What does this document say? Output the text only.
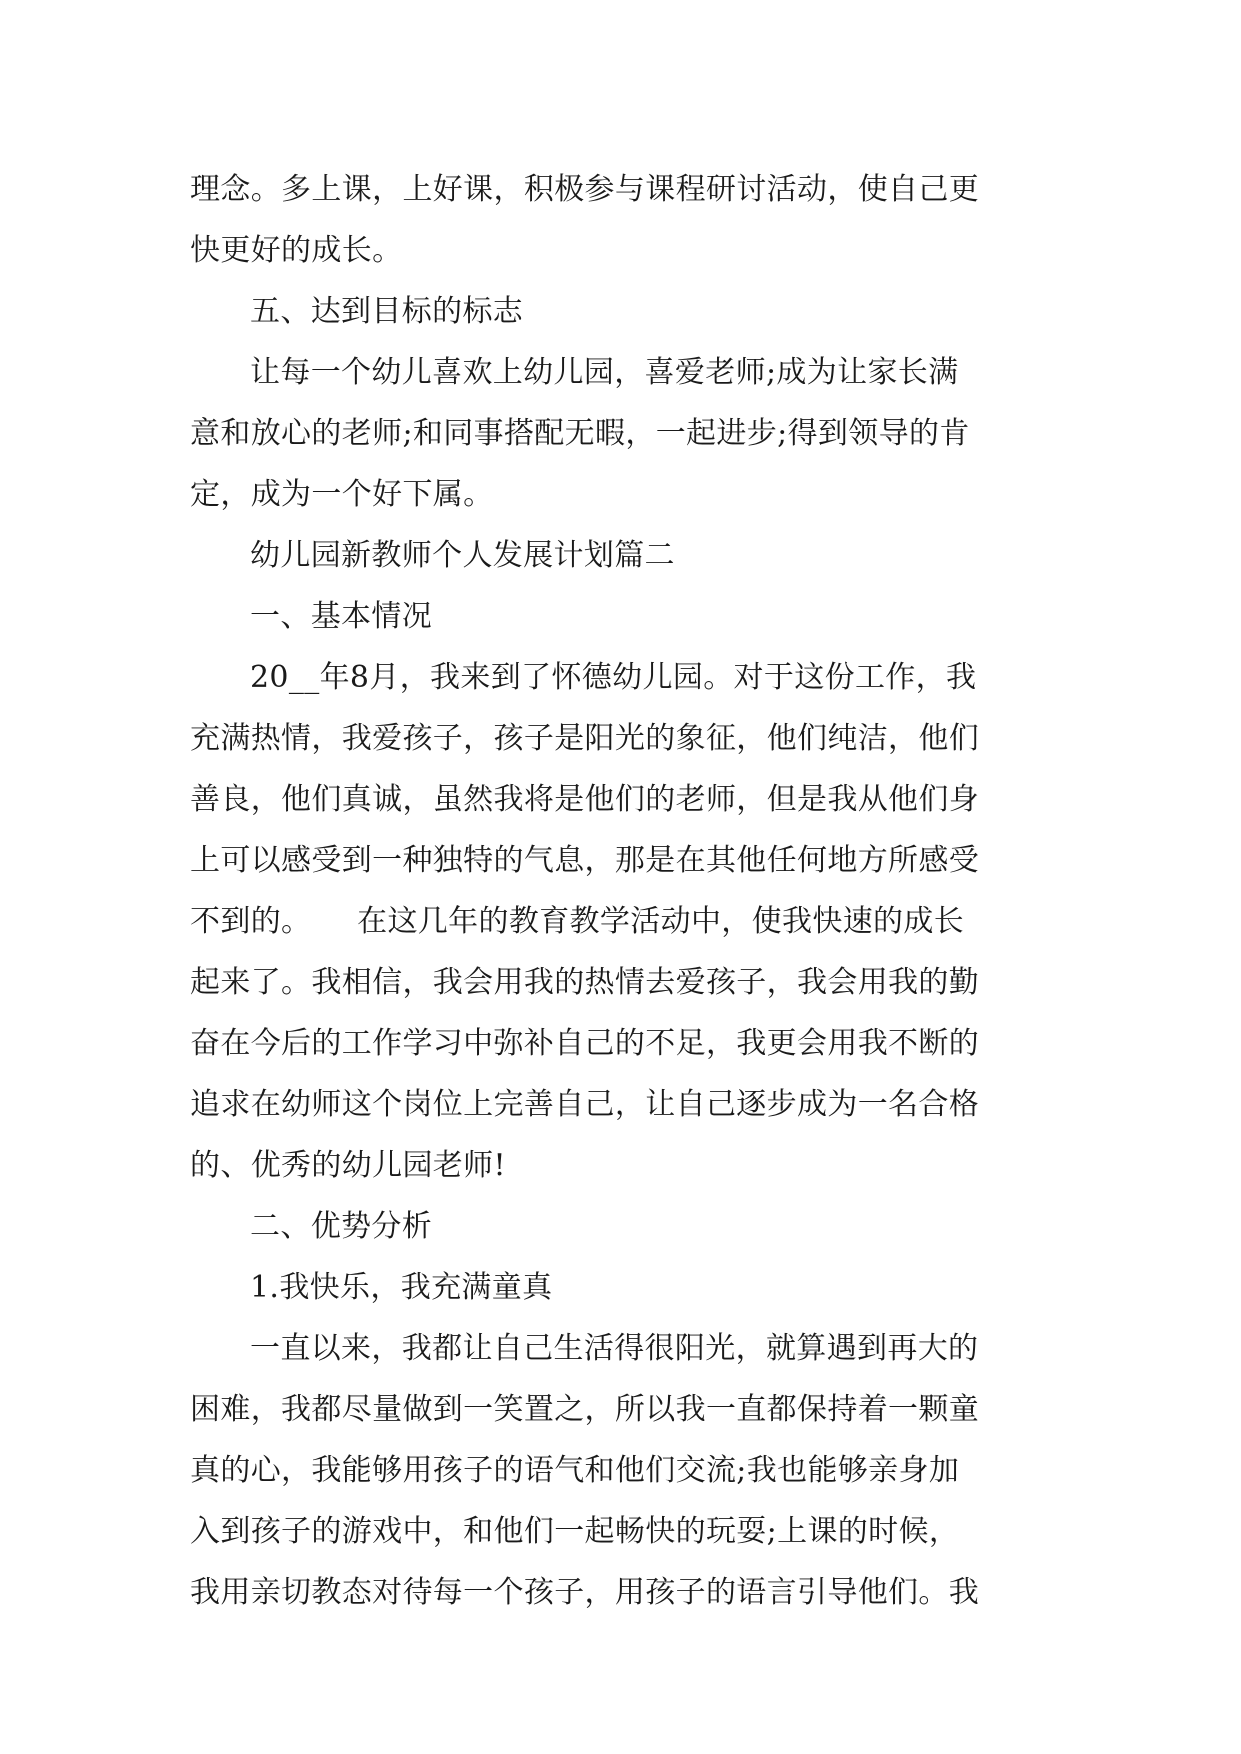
理念。多上课，上好课，积极参与课程研讨活动，使自己更
快更好的成长。
五、达到目标的标志
让每一个幼儿喜欢上幼儿园，喜爱老师;成为让家长满
意和放心的老师;和同事搭配无暇，一起进步;得到领导的肯
定，成为一个好下属。
幼儿园新教师个人发展计划篇二
一、基本情况
20__年8月，我来到了怀德幼儿园。对于这份工作，我
充满热情，我爱孩子，孩子是阳光的象征，他们纯洁，他们
善良，他们真诚，虽然我将是他们的老师，但是我从他们身
上可以感受到一种独特的气息，那是在其他任何地方所感受
不到的。　　在这几年的教育教学活动中，使我快速的成长
起来了。我相信，我会用我的热情去爱孩子，我会用我的勤
奋在今后的工作学习中弥补自己的不足，我更会用我不断的
追求在幼师这个岗位上完善自己，让自己逐步成为一名合格
的、优秀的幼儿园老师!
二、优势分析
1.我快乐，我充满童真
一直以来，我都让自己生活得很阳光，就算遇到再大的
困难，我都尽量做到一笑置之，所以我一直都保持着一颗童
真的心，我能够用孩子的语气和他们交流;我也能够亲身加
入到孩子的游戏中，和他们一起畅快的玩耍;上课的时候，
我用亲切教态对待每一个孩子，用孩子的语言引导他们。我
